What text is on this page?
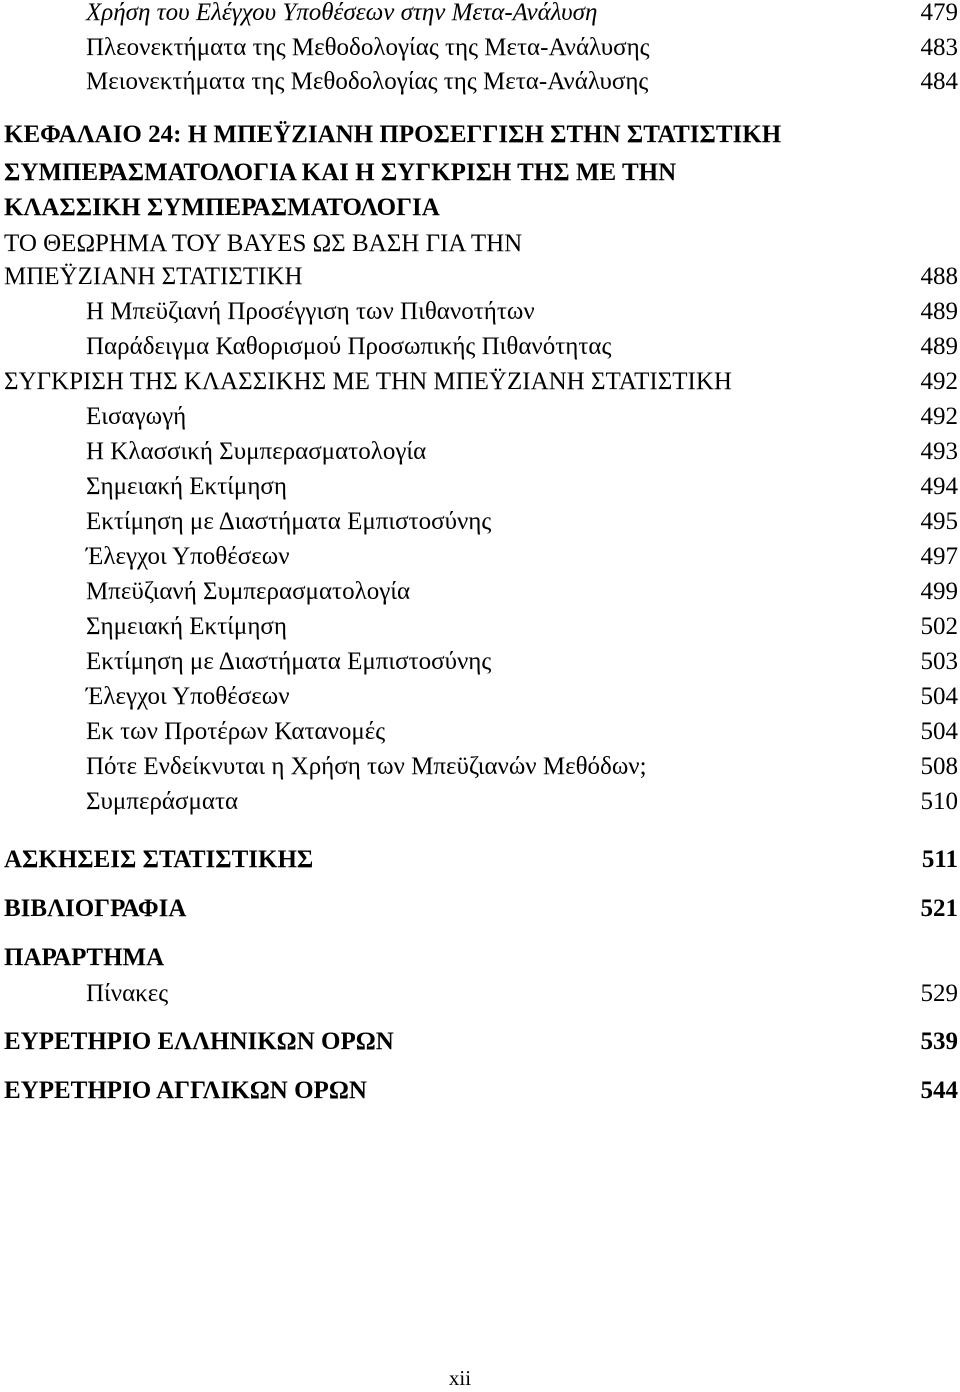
Χρήση του Ελέγχου Υποθέσεων στην Μετα-Ανάλυση	479
Πλεονεκτήματα της Μεθοδολογίας της Μετα-Ανάλυσης	483
Μειονεκτήματα της Μεθοδολογίας της Μετα-Ανάλυσης	484
ΚΕΦΑΛΑΙΟ 24: Η ΜΠΕΫΖΙΑΝΗ ΠΡΟΣΕΓΓΙΣΗ ΣΤΗΝ ΣΤΑΤΙΣΤΙΚΗ
ΣΥΜΠΕΡΑΣΜΑΤΟΛΟΓΙΑ ΚΑΙ Η ΣΥΓΚΡΙΣΗ ΤΗΣ ΜΕ ΤΗΝ
ΚΛΑΣΣΙΚΗ ΣΥΜΠΕΡΑΣΜΑΤΟΛΟΓΙΑ
ΤΟ ΘΕΩΡΗΜΑ ΤΟΥ BAYES ΩΣ ΒΑΣΗ ΓΙΑ ΤΗΝ
ΜΠΕΫΖΙΑΝΗ ΣΤΑΤΙΣΤΙΚΗ	488
Η Μπεϋζιανή Προσέγγιση των Πιθανοτήτων	489
Παράδειγμα Καθορισμού Προσωπικής Πιθανότητας	489
ΣΥΓΚΡΙΣΗ ΤΗΣ ΚΛΑΣΣΙΚΗΣ ΜΕ ΤΗΝ ΜΠΕΫΖΙΑΝΗ ΣΤΑΤΙΣΤΙΚΗ	492
Εισαγωγή	492
Η Κλασσική Συμπερασματολογία	493
Σημειακή Εκτίμηση	494
Εκτίμηση με Διαστήματα Εμπιστοσύνης	495
Έλεγχοι Υποθέσεων	497
Μπεϋζιανή Συμπερασματολογία	499
Σημειακή Εκτίμηση	502
Εκτίμηση με Διαστήματα Εμπιστοσύνης	503
Έλεγχοι Υποθέσεων	504
Εκ των Προτέρων Κατανομές	504
Πότε Ενδείκνυται η Χρήση των Μπεϋζιανών Μεθόδων;	508
Συμπεράσματα	510
ΑΣΚΗΣΕΙΣ ΣΤΑΤΙΣΤΙΚΗΣ	511
ΒΙΒΛΙΟΓΡΑΦΙΑ	521
ΠΑΡΑΡΤΗΜΑ
Πίνακες	529
ΕΥΡΕΤΗΡΙΟ ΕΛΛΗΝΙΚΩΝ ΟΡΩΝ	539
ΕΥΡΕΤΗΡΙΟ ΑΓΓΛΙΚΩΝ ΟΡΩΝ	544
xii
